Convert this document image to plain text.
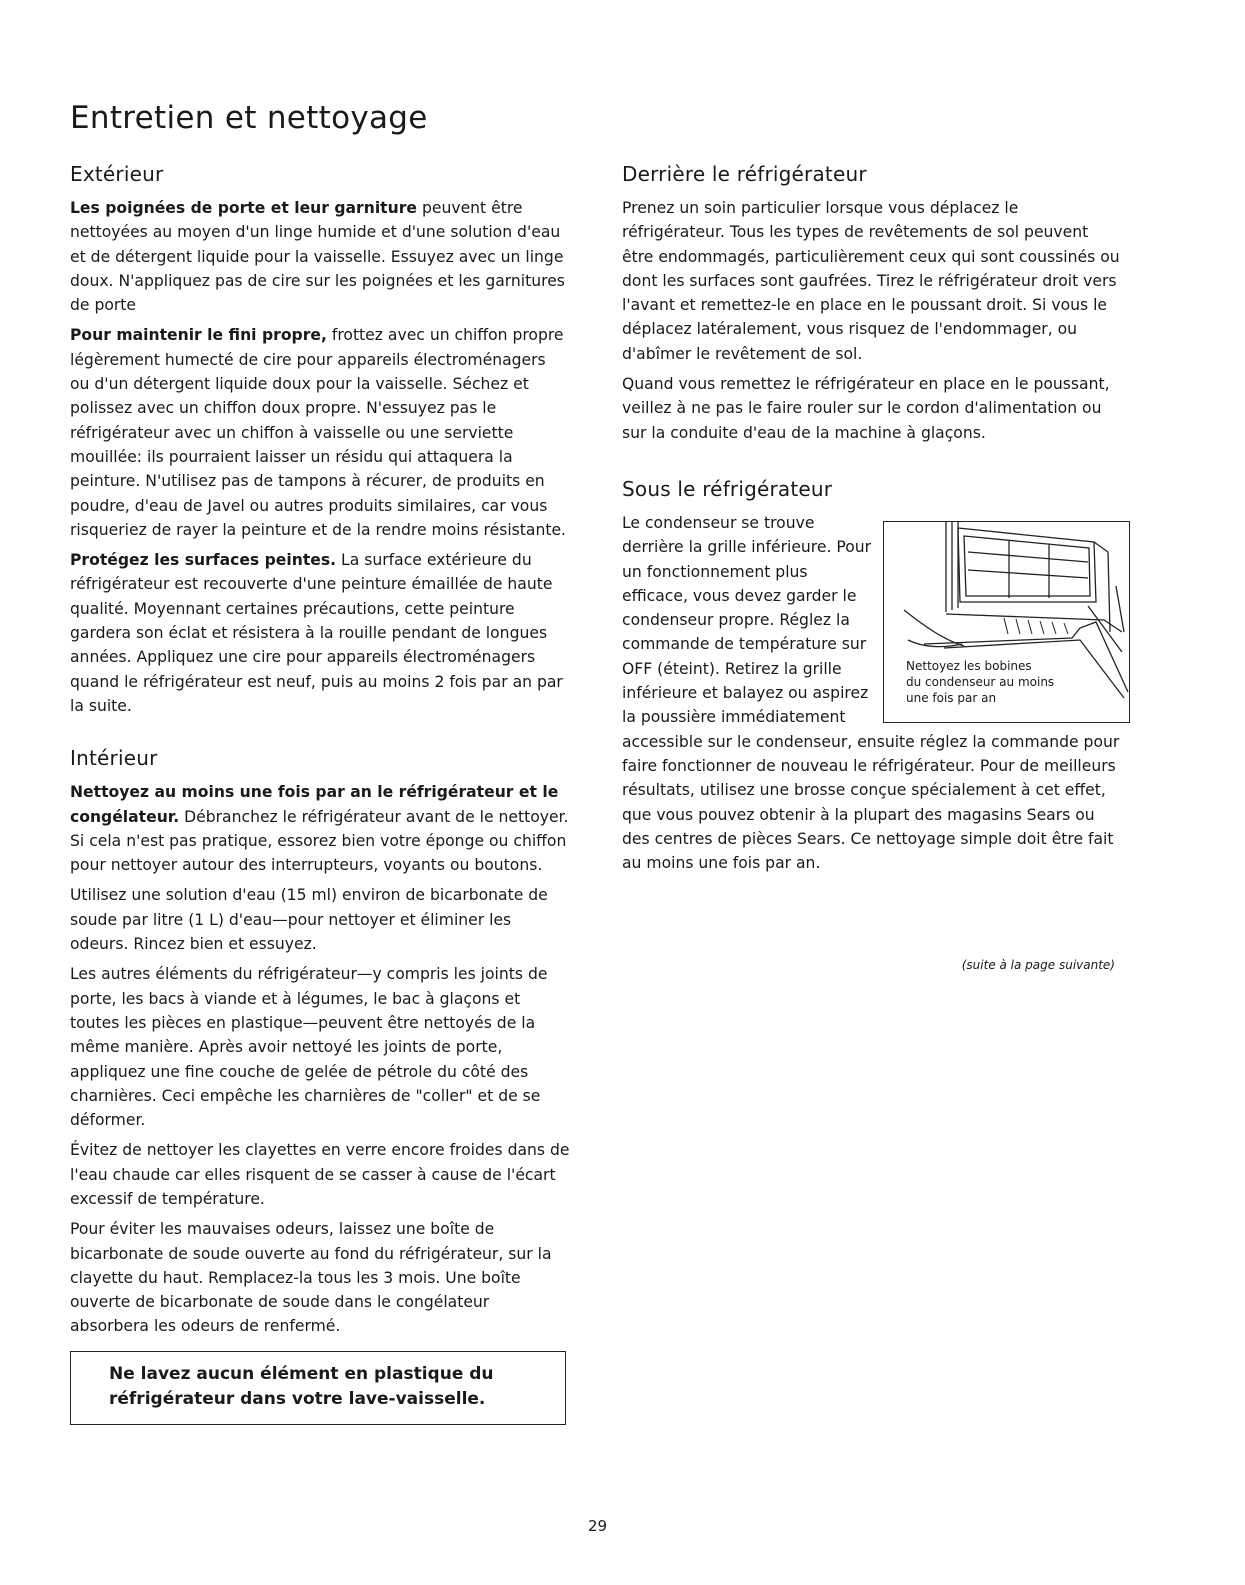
Entretien et nettoyage
Extérieur

Les poignées de porte et leur garniture peuvent être nettoyées au moyen d'un linge humide et d'une solution d'eau et de détergent liquide pour la vaisselle. Essuyez avec un linge doux. N'appliquez pas de cire sur les poignées et les garnitures de porte

Pour maintenir le fini propre, frottez avec un chiffon propre légèrement humecté de cire pour appareils électroménagers ou d'un détergent liquide doux pour la vaisselle. Séchez et polissez avec un chiffon doux propre. N'essuyez pas le réfrigérateur avec un chiffon à vaisselle ou une serviette mouillée: ils pourraient laisser un résidu qui attaquera la peinture. N'utilisez pas de tampons à récurer, de produits en poudre, d'eau de Javel ou autres produits similaires, car vous risqueriez de rayer la peinture et de la rendre moins résistante.

Protégez les surfaces peintes. La surface extérieure du réfrigérateur est recouverte d'une peinture émaillée de haute qualité. Moyennant certaines précautions, cette peinture gardera son éclat et résistera à la rouille pendant de longues années. Appliquez une cire pour appareils électroménagers quand le réfrigérateur est neuf, puis au moins 2 fois par an par la suite.

Intérieur

Nettoyez au moins une fois par an le réfrigérateur et le congélateur. Débranchez le réfrigérateur avant de le nettoyer. Si cela n'est pas pratique, essorez bien votre éponge ou chiffon pour nettoyer autour des interrupteurs, voyants ou boutons.

Utilisez une solution d'eau (15 ml) environ de bicarbonate de soude par litre (1 L) d'eau—pour nettoyer et éliminer les odeurs. Rincez bien et essuyez.

Les autres éléments du réfrigérateur—y compris les joints de porte, les bacs à viande et à légumes, le bac à glaçons et toutes les pièces en plastique—peuvent être nettoyés de la même manière. Après avoir nettoyé les joints de porte, appliquez une fine couche de gelée de pétrole du côté des charnières. Ceci empêche les charnières de "coller" et de se déformer.

Évitez de nettoyer les clayettes en verre encore froides dans de l'eau chaude car elles risquent de se casser à cause de l'écart excessif de température.

Pour éviter les mauvaises odeurs, laissez une boîte de bicarbonate de soude ouverte au fond du réfrigérateur, sur la clayette du haut. Remplacez-la tous les 3 mois. Une boîte ouverte de bicarbonate de soude dans le congélateur absorbera les odeurs de renfermé.

Ne lavez aucun élément en plastique du
réfrigérateur dans votre lave-vaisselle.
Derrière le réfrigérateur

Prenez un soin particulier lorsque vous déplacez le réfrigérateur. Tous les types de revêtements de sol peuvent être endommagés, particulièrement ceux qui sont coussinés ou dont les surfaces sont gaufrées. Tirez le réfrigérateur droit vers l'avant et remettez-le en place en le poussant droit. Si vous le déplacez latéralement, vous risquez de l'endommager, ou d'abîmer le revêtement de sol.

Quand vous remettez le réfrigérateur en place en le poussant, veillez à ne pas le faire rouler sur le cordon d'alimentation ou sur la conduite d'eau de la machine à glaçons.

Sous le réfrigérateur

Nettoyez les bobines
du condenseur au moins
une fois par an
Le condenseur se trouve derrière la grille inférieure. Pour un fonctionnement plus efficace, vous devez garder le condenseur propre. Réglez la commande de température sur OFF (éteint). Retirez la grille inférieure et balayez ou aspirez la poussière immédiatement accessible sur le condenseur, ensuite réglez la commande pour faire fonctionner de nouveau le réfrigérateur. Pour de meilleurs résultats, utilisez une brosse conçue spécialement à cet effet, que vous pouvez obtenir à la plupart des magasins Sears ou des centres de pièces Sears. Ce nettoyage simple doit être fait au moins une fois par an.

(suite à la page suivante)
29
